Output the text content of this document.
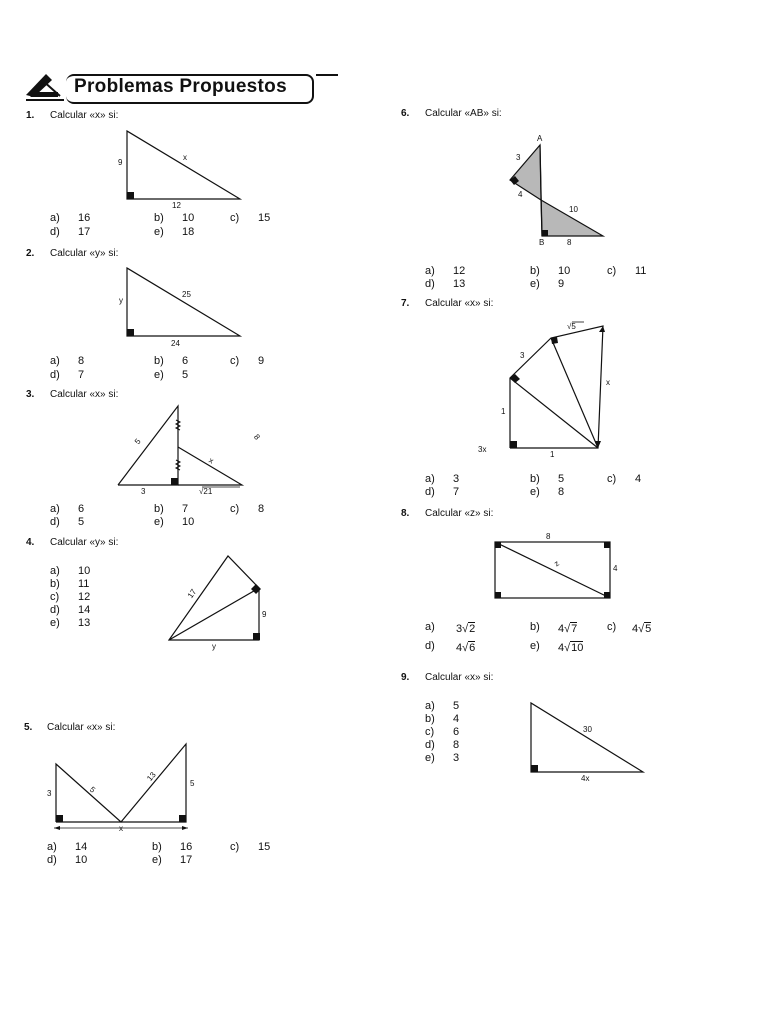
Problemas Propuestos
1. Calcular «x» si:
9
x
12
a) 16	b) 10	c) 15
d) 17	e) 18
2. Calcular «y» si:
y
25
24
a) 8	b) 6	c) 9
d) 7	e) 5
3. Calcular «x» si:
5	8
x
3	√21
a) 6	b) 7	c) 8
d) 5	e) 10
4. Calcular «y» si:
a) 10
b) 11
c) 12
d) 14
e) 13
17
9
y
5. Calcular «x» si:
3	5
13
5
x
a) 14	b) 16	c) 15
d) 10	e) 17
6. Calcular «AB» si:
A
3
4
10
B	8
a) 12	b) 10	c) 11
d) 13	e) 9
7. Calcular «x» si:
√5
3
x
1
3x
1
a) 3	b) 5	c) 4
d) 7	e) 8
8. Calcular «z» si:
8
4
z
a)	3√2	b)	4√7	c)	4√5
d)	4√6	e)	4√10
9. Calcular «x» si:
a) 5
b) 4
c) 6
d) 8
e) 3
30
4x
